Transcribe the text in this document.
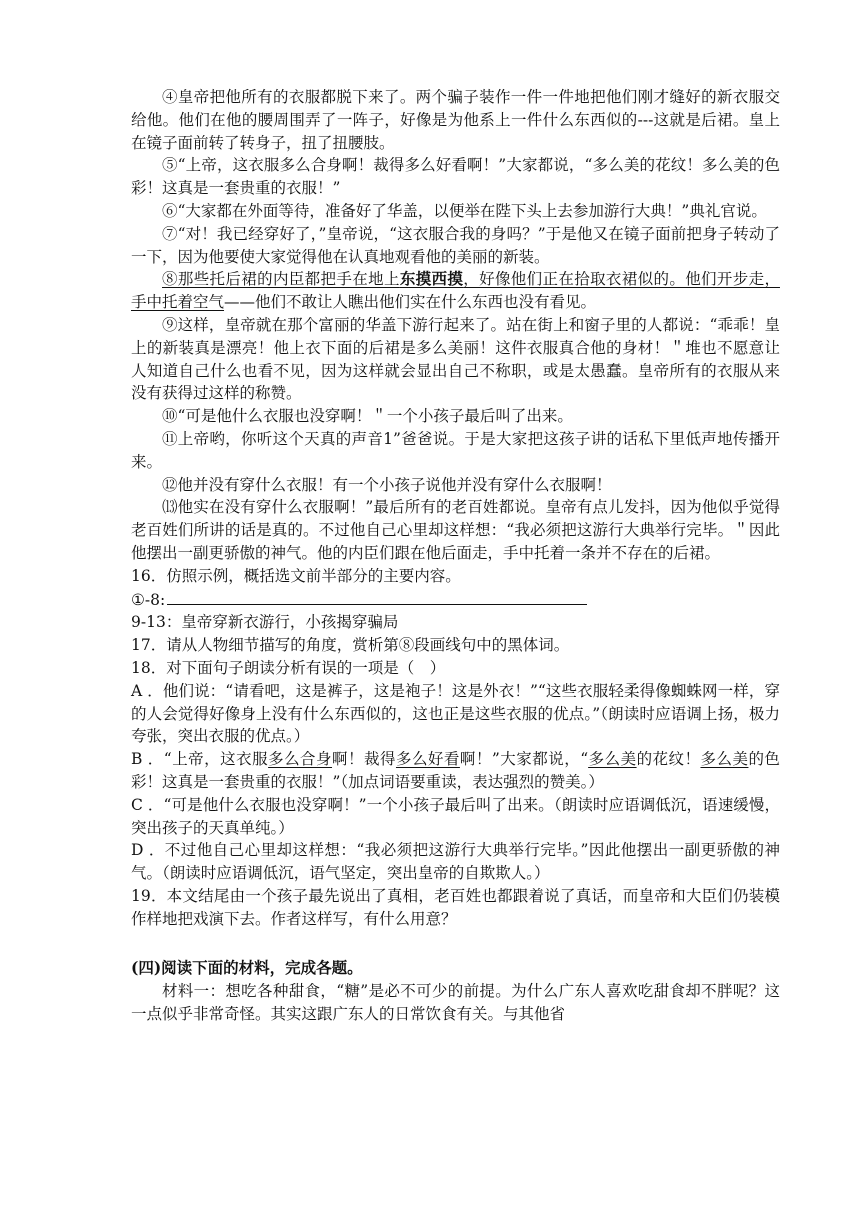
④皇帝把他所有的衣服都脱下来了。两个骗子装作一件一件地把他们刚才缝好的新衣服交给他。他们在他的腰周围弄了一阵子，好像是为他系上一件什么东西似的---这就是后裙。皇上在镜子面前转了转身子，扭了扭腰肢。

⑤“上帝，这衣服多么合身啊！裁得多么好看啊！”大家都说，“多么美的花纹！多么美的色彩！这真是一套贵重的衣服！”

⑥“大家都在外面等待，准备好了华盖，以便举在陛下头上去参加游行大典！”典礼官说。

⑦“对！我已经穿好了，”皇帝说，“这衣服合我的身吗？”于是他又在镜子面前把身子转动了一下，因为他要使大家觉得他在认真地观看他的美丽的新装。

⑧那些托后裙的内臣都把手在地上东摸西摸，好像他们正在拾取衣裙似的。他们开步走，手中托着空气——他们不敢让人瞧出他们实在什么东西也没有看见。

⑨这样，皇帝就在那个富丽的华盖下游行起来了。站在街上和窗子里的人都说：“乖乖！皇上的新装真是漂亮！他上衣下面的后裙是多么美丽！这件衣服真合他的身材！＂堆也不愿意让人知道自己什么也看不见，因为这样就会显出自己不称职，或是太愚蠢。皇帝所有的衣服从来没有获得过这样的称赞。

⑩“可是他什么衣服也没穿啊！＂一个小孩子最后叫了出来。

⑪上帝哟，你听这个天真的声音1”爸爸说。于是大家把这孩子讲的话私下里低声地传播开来。

⑫他并没有穿什么衣服！有一个小孩子说他并没有穿什么衣服啊！

⒀他实在没有穿什么衣服啊！”最后所有的老百姓都说。皇帝有点儿发抖，因为他似乎觉得老百姓们所讲的话是真的。不过他自己心里却这样想：“我必须把这游行大典举行完毕。＂因此他摆出一副更骄傲的神气。他的内臣们跟在他后面走，手中托着一条并不存在的后裙。

16．仿照示例，概括选文前半部分的主要内容。

①-8:

9-13：皇帝穿新衣游行，小孩揭穿骗局

17．请从人物细节描写的角度，赏析第⑧段画线句中的黑体词。

18．对下面句子朗读分析有误的一项是（　）

A ．他们说：“请看吧，这是裤子，这是袍子！这是外衣！”“这些衣服轻柔得像蜘蛛网一样，穿的人会觉得好像身上没有什么东西似的，这也正是这些衣服的优点。”（朗读时应语调上扬，极力夸张，突出衣服的优点。）

B ．“上帝，这衣服多么合身啊！裁得多么好看啊！”大家都说，“多么美的花纹！多么美的色彩！这真是一套贵重的衣服！”（加点词语要重读，表达强烈的赞美。）

C ．“可是他什么衣服也没穿啊！”一个小孩子最后叫了出来。（朗读时应语调低沉，语速缓慢，突出孩子的天真单纯。）

D ．不过他自己心里却这样想：“我必须把这游行大典举行完毕。”因此他摆出一副更骄傲的神气。（朗读时应语调低沉，语气坚定，突出皇帝的自欺欺人。）

19．本文结尾由一个孩子最先说出了真相，老百姓也都跟着说了真话，而皇帝和大臣们仍装模作样地把戏演下去。作者这样写，有什么用意？

(四)阅读下面的材料，完成各题。

材料一：想吃各种甜食，“糖”是必不可少的前提。为什么广东人喜欢吃甜食却不胖呢？这一点似乎非常奇怪。其实这跟广东人的日常饮食有关。与其他省
